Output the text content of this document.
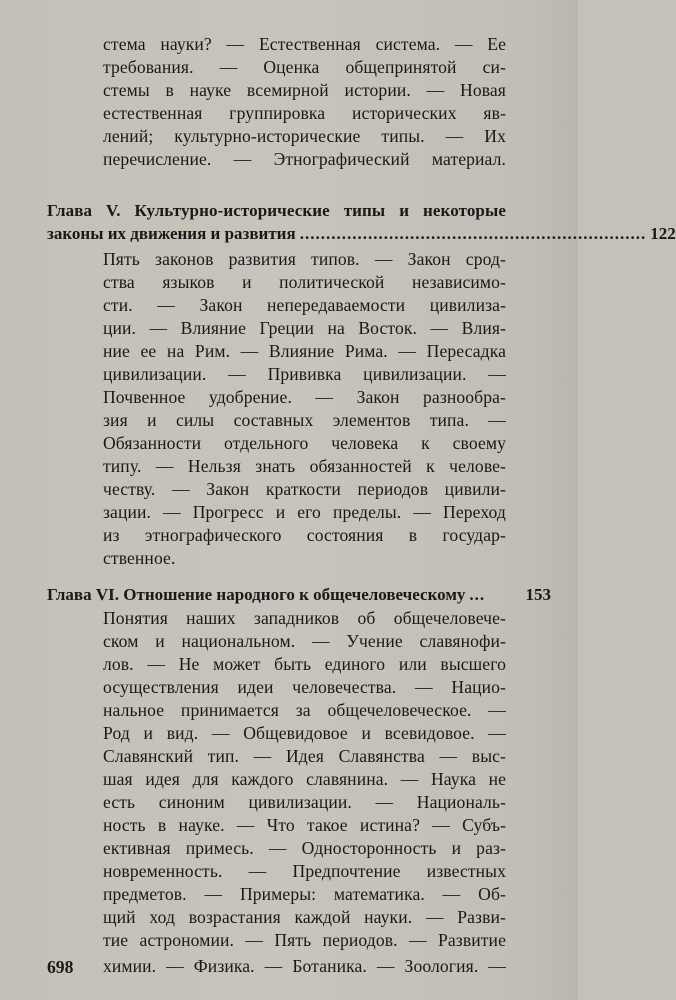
стема науки? — Естественная система. — Ее
требования. — Оценка общепринятой си-
стемы в науке всемирной истории. — Новая
естественная группировка исторических яв-
лений; культурно-исторические типы. — Их
перечисление. — Этнографический материал.
Глава V. Культурно-исторические типы и некоторые
законы их движения и развития .................................................................. 122
Пять законов развития типов. — Закон срод-
ства языков и политической независимо-
сти. — Закон непередаваемости цивилиза-
ции. — Влияние Греции на Восток. — Влия-
ние ее на Рим. — Влияние Рима. — Пересадка
цивилизации. — Прививка цивилизации. —
Почвенное удобрение. — Закон разнообра-
зия и силы составных элементов типа. —
Обязанности отдельного человека к своему
типу. — Нельзя знать обязанностей к челове-
честву. — Закон краткости периодов цивили-
зации. — Прогресс и его пределы. — Переход
из этнографического состояния в государ-
ственное.
Глава VI. Отношение народного к общечеловеческому ...	153
Понятия наших западников об общечеловече-
ском и национальном. — Учение славянофи-
лов. — Не может быть единого или высшего
осуществления идеи человечества. — Нацио-
нальное принимается за общечеловеческое. —
Род и вид. — Общевидовое и всевидовое. —
Славянский тип. — Идея Славянства — выс-
шая идея для каждого славянина. — Наука не
есть синоним цивилизации. — Националь-
ность в науке. — Что такое истина? — Субъ-
ективная примесь. — Односторонность и раз-
новременность. — Предпочтение известных
предметов. — Примеры: математика. — Об-
щий ход возрастания каждой науки. — Разви-
тие астрономии. — Пять периодов. — Развитие
химии. — Физика. — Ботаника. — Зоология. —
698
